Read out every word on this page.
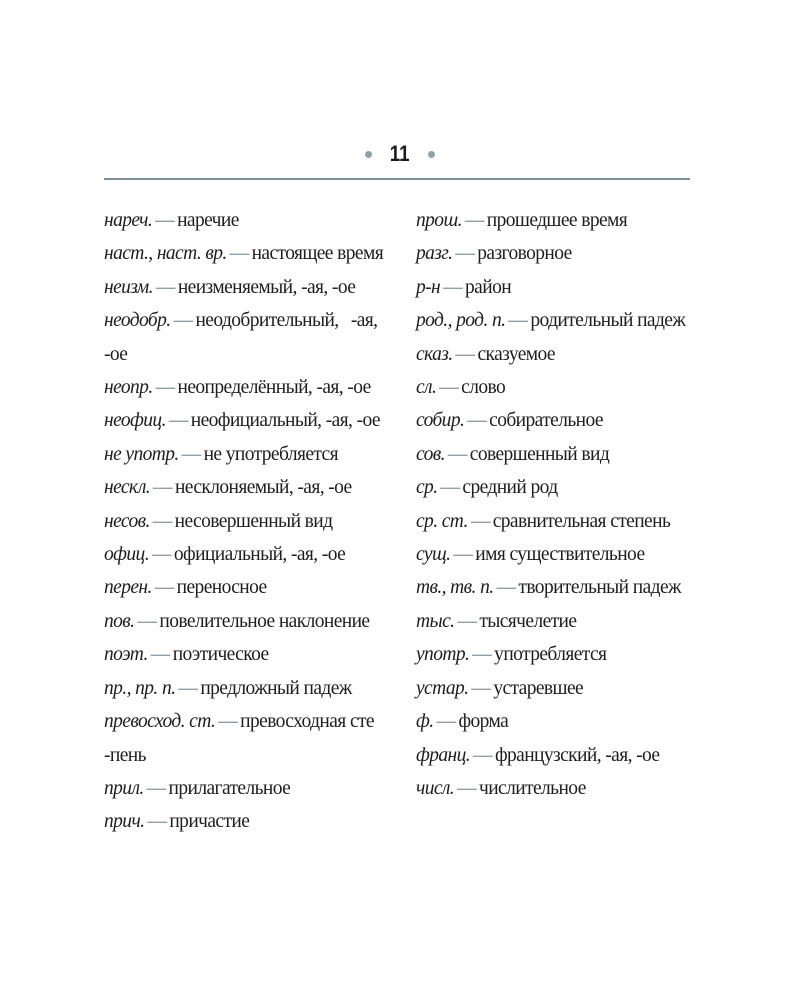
11
нареч. — наречие
наст., наст. вр. — настоящее время
неизм. — неизменяемый, -ая, -ое
неодобр. — неодобрительный, -ая, -ое
неопр. — неопределённый, -ая, -ое
неофиц. — неофициальный, -ая, -ое
не употр. — не употребляется
нескл. — несклоняемый, -ая, -ое
несов. — несовершенный вид
офиц. — официальный, -ая, -ое
перен. — переносное
пов. — повелительное наклонение
поэт. — поэтическое
пр., пр. п. — предложный падеж
превосход. ст. — превосходная сте-пень
прил. — прилагательное
прич. — причастие
прош. — прошедшее время
разг. — разговорное
р-н — район
род., род. п. — родительный падеж
сказ. — сказуемое
сл. — слово
собир. — собирательное
сов. — совершенный вид
ср. — средний род
ср. ст. — сравнительная степень
сущ. — имя существительное
тв., тв. п. — творительный падеж
тыс. — тысячелетие
употр. — употребляется
устар. — устаревшее
ф. — форма
франц. — французский, -ая, -ое
числ. — числительное
